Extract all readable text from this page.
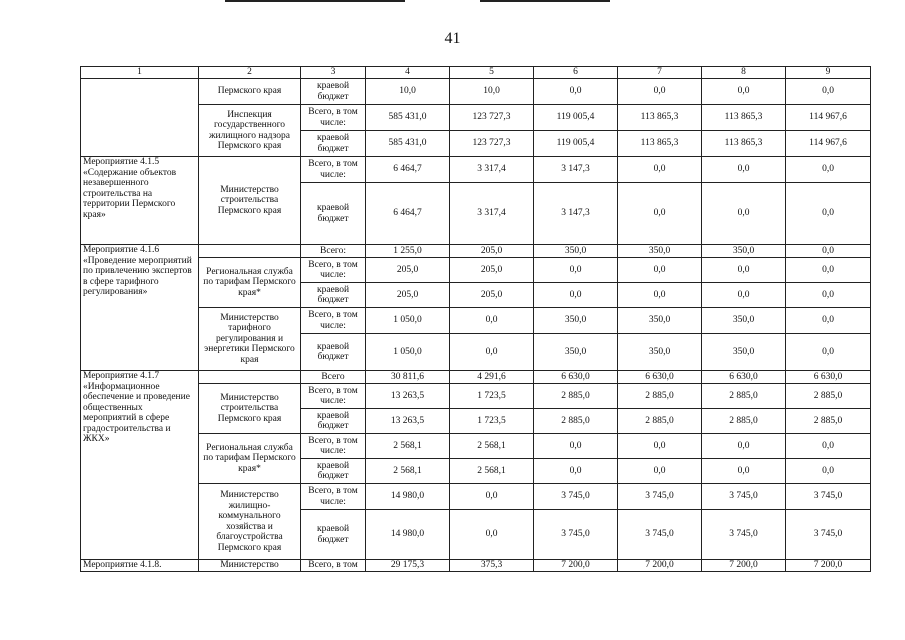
41
1	2	3	4	5	6	7	8	9
	Пермского края	краевой бюджет	10,0	10,0	0,0	0,0	0,0	0,0
	Инспекция государственного жилищного надзора Пермского края	Всего, в том числе:	585 431,0	123 727,3	119 005,4	113 865,3	113 865,3	114 967,6
		краевой бюджет	585 431,0	123 727,3	119 005,4	113 865,3	113 865,3	114 967,6
Мероприятие 4.1.5 «Содержание объектов незавершенного строительства на территории Пермского края»	Министерство строительства Пермского края	Всего, в том числе:	6 464,7	3 317,4	3 147,3	0,0	0,0	0,0
		краевой бюджет	6 464,7	3 317,4	3 147,3	0,0	0,0	0,0
Мероприятие 4.1.6 «Проведение мероприятий по привлечению экспертов в сфере тарифного регулирования»		Всего:	1 255,0	205,0	350,0	350,0	350,0	0,0
	Региональная служба по тарифам Пермского края*	Всего, в том числе:	205,0	205,0	0,0	0,0	0,0	0,0
		краевой бюджет	205,0	205,0	0,0	0,0	0,0	0,0
	Министерство тарифного регулирования и энергетики Пермского края	Всего, в том числе:	1 050,0	0,0	350,0	350,0	350,0	0,0
		краевой бюджет	1 050,0	0,0	350,0	350,0	350,0	0,0
Мероприятие 4.1.7 «Информационное обеспечение и проведение общественных мероприятий в сфере градостроительства и ЖКХ»		Всего	30 811,6	4 291,6	6 630,0	6 630,0	6 630,0	6 630,0
	Министерство строительства Пермского края	Всего, в том числе:	13 263,5	1 723,5	2 885,0	2 885,0	2 885,0	2 885,0
		краевой бюджет	13 263,5	1 723,5	2 885,0	2 885,0	2 885,0	2 885,0
	Региональная служба по тарифам Пермского края*	Всего, в том числе:	2 568,1	2 568,1	0,0	0,0	0,0	0,0
		краевой бюджет	2 568,1	2 568,1	0,0	0,0	0,0	0,0
	Министерство жилищно-коммунального хозяйства и благоустройства Пермского края	Всего, в том числе:	14 980,0	0,0	3 745,0	3 745,0	3 745,0	3 745,0
		краевой бюджет	14 980,0	0,0	3 745,0	3 745,0	3 745,0	3 745,0
Мероприятие 4.1.8.	Министерство	Всего, в том	29 175,3	375,3	7 200,0	7 200,0	7 200,0	7 200,0
